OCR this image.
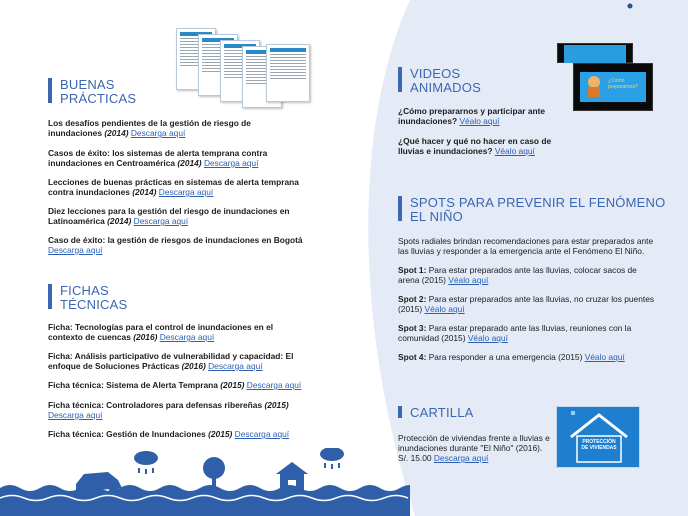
BUENAS
PRÁCTICAS
Los desafíos pendientes de la gestión de riesgo de
inundaciones (2014) Descarga aquí
Casos de éxito: los sistemas de alerta temprana contra
inundaciones en Centroamérica (2014) Descarga aquí
Lecciones de buenas prácticas en sistemas de alerta temprana
contra inundaciones (2014) Descarga aquí
Diez lecciones para la gestión del riesgo de inundaciones en
Latinoamérica (2014) Descarga aquí
Caso de éxito: la gestión de riesgos de inundaciones en Bogotá
Descarga aquí
FICHAS
TÉCNICAS
Ficha: Tecnologías para el control de inundaciones en el
contexto de cuencas (2016) Descarga aquí
Ficha: Análisis participativo de vulnerabilidad y capacidad: El
enfoque de Soluciones Prácticas (2016) Descarga aquí
Ficha técnica: Sistema de Alerta Temprana (2015) Descarga aquí
Ficha técnica: Controladores para defensas ribereñas (2015)
Descarga aquí
Ficha técnica: Gestión de Inundaciones (2015) Descarga aquí
¿Cómo prepararnos?
VIDEOS
ANIMADOS
¿Cómo prepararnos y participar ante
inundaciones? Véalo aquí
¿Qué hacer y qué no hacer en caso de
lluvias e inundaciones? Véalo aquí
SPOTS PARA PREVENIR EL FENÓMENO
EL NIÑO
Spots radiales brindan recomendaciones para estar preparados ante
las lluvias y responder a la emergencia ante el Fenómeno El Niño.
Spot 1: Para estar preparados ante las lluvias, colocar sacos de
arena (2015) Véalo aquí
Spot 2: Para estar preparados ante las lluvias, no cruzar los puentes
(2015) Véalo aquí
Spot 3: Para estar preparado ante las lluvias, reuniones con la
comunidad (2015) Véalo aquí
Spot 4: Para responder a una emergencia (2015) Véalo aquí
CARTILLA
Protección de viviendas frente a lluvias e
inundaciones durante "El Niño" (2016).
S/. 15.00 Descarga aquí
PROTECCIÓN
DE VIVIENDAS
